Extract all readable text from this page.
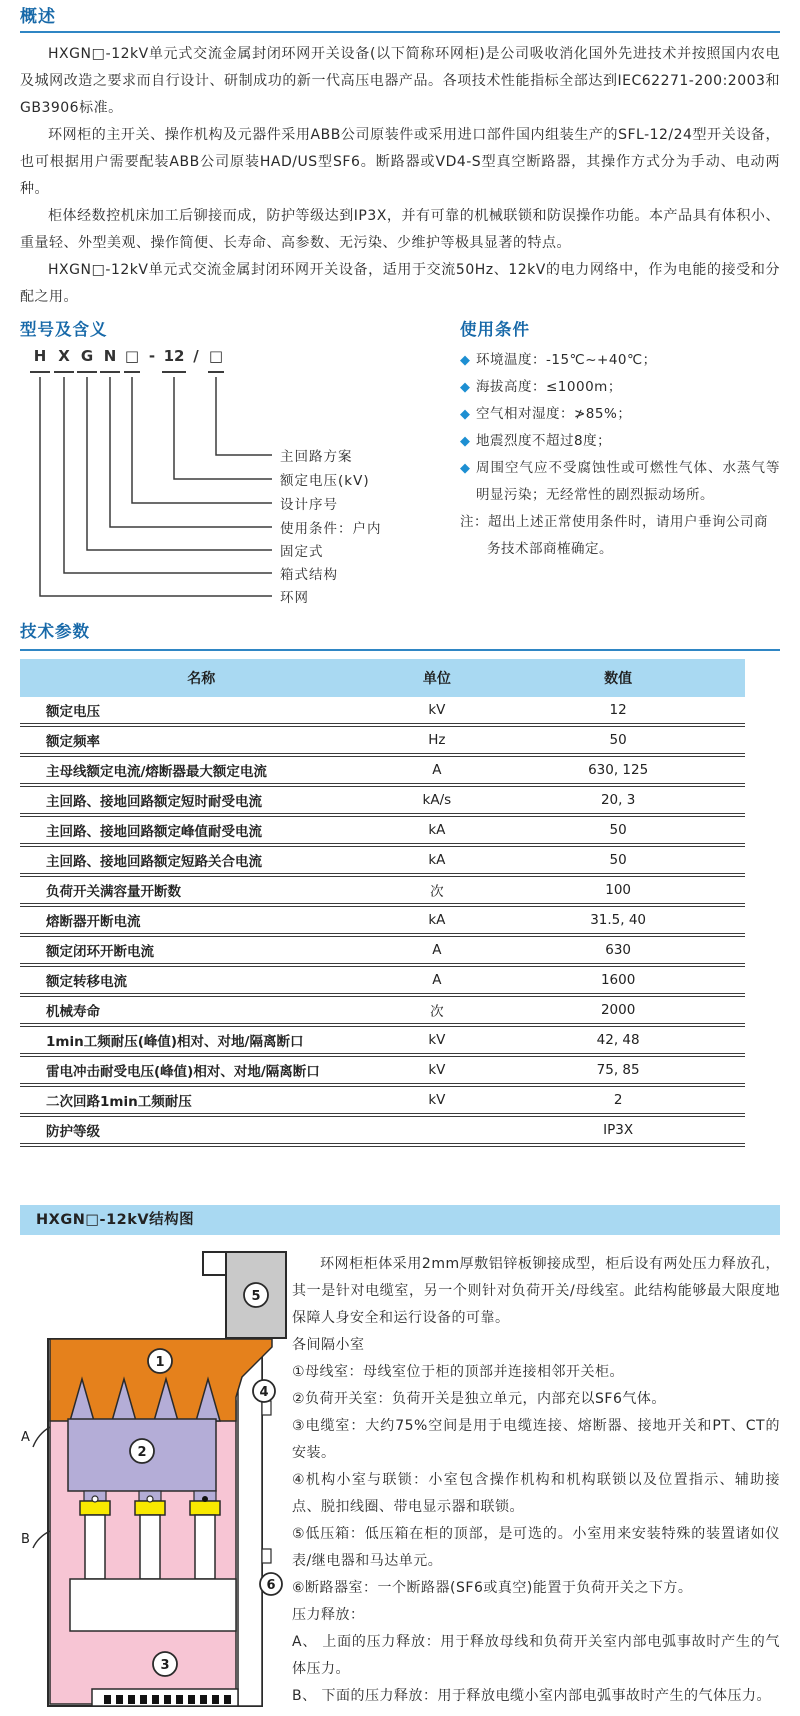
概述

HXGN□-12kV单元式交流金属封闭环网开关设备(以下简称环网柜)是公司吸收消化国外先进技术并按照国内农电及城网改造之要求而自行设计、研制成功的新一代高压电器产品。各项技术性能指标全部达到IEC62271-200:2003和GB3906标准。

环网柜的主开关、操作机构及元器件采用ABB公司原装件或采用进口部件国内组装生产的SFL-12/24型开关设备，也可根据用户需要配装ABB公司原装HAD/US型SF6。断路器或VD4-S型真空断路器，其操作方式分为手动、电动两种。

柜体经数控机床加工后铆接而成，防护等级达到IP3X，并有可靠的机械联锁和防误操作功能。本产品具有体积小、重量轻、外型美观、操作简便、长寿命、高参数、无污染、少维护等极具显著的特点。

HXGN□-12kV单元式交流金属封闭环网开关设备，适用于交流50Hz、12kV的电力网络中，作为电能的接受和分配之用。

型号及含义
H X G N □ - 12 / □
主回路方案
额定电压(kV)
设计序号
使用条件：户内
固定式
箱式结构
环网
使用条件
◆ 环境温度：-15℃~+40℃；
◆ 海拔高度：≤1000m；
◆ 空气相对湿度：≯85%；
◆ 地震烈度不超过8度；
◆ 周围空气应不受腐蚀性或可燃性气体、水蒸气等明显污染；无经常性的剧烈振动场所。
注：超出上述正常使用条件时，请用户垂询公司商务技术部商榷确定。
技术参数
名称	单位	数值
额定电压	kV	12
额定频率	Hz	50
主母线额定电流/熔断器最大额定电流	A	630, 125
主回路、接地回路额定短时耐受电流	kA/s	20, 3
主回路、接地回路额定峰值耐受电流	kA	50
主回路、接地回路额定短路关合电流	kA	50
负荷开关满容量开断数	次	100
熔断器开断电流	kA	31.5, 40
额定闭环开断电流	A	630
额定转移电流	A	1600
机械寿命	次	2000
1min工频耐压(峰值)相对、对地/隔离断口	kV	42, 48
雷电冲击耐受电压(峰值)相对、对地/隔离断口	kV	75, 85
二次回路1min工频耐压	kV	2
防护等级		IP3X
HXGN□-12kV结构图
1
2
3
4
5
6
A
B

环网柜柜体采用2mm厚敷铝锌板铆接成型，柜后设有两处压力释放孔，其一是针对电缆室，另一个则针对负荷开关/母线室。此结构能够最大限度地保障人身安全和运行设备的可靠。

各间隔小室

①母线室：母线室位于柜的顶部并连接相邻开关柜。

②负荷开关室：负荷开关是独立单元，内部充以SF6气体。

③电缆室：大约75%空间是用于电缆连接、熔断器、接地开关和PT、CT的安装。

④机构小室与联锁：小室包含操作机构和机构联锁以及位置指示、辅助接点、脱扣线圈、带电显示器和联锁。

⑤低压箱：低压箱在柜的顶部，是可选的。小室用来安装特殊的装置诸如仪表/继电器和马达单元。

⑥断路器室：一个断路器(SF6或真空)能置于负荷开关之下方。

压力释放：

A、 上面的压力释放：用于释放母线和负荷开关室内部电弧事故时产生的气体压力。

B、 下面的压力释放：用于释放电缆小室内部电弧事故时产生的气体压力。
